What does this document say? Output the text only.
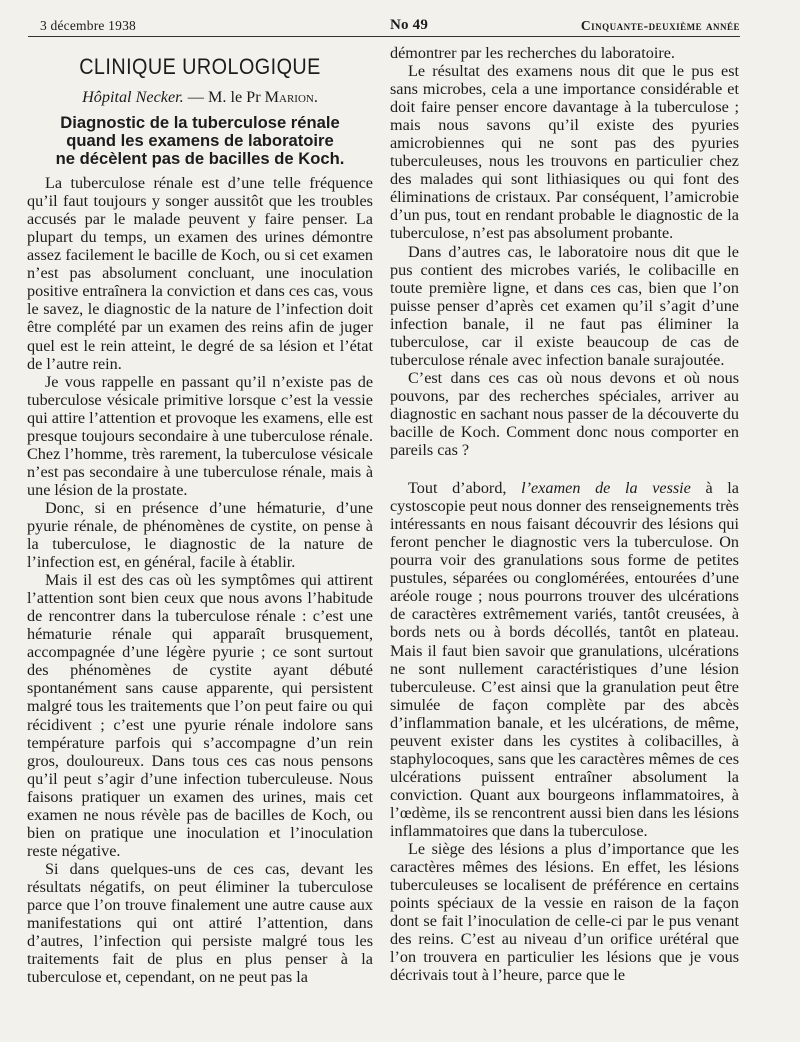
3 décembre 1938	No 49	Cinquante-deuxième année
CLINIQUE UROLOGIQUE
Hôpital Necker. — M. le Pr Marion.
Diagnostic de la tuberculose rénale
quand les examens de laboratoire
ne décèlent pas de bacilles de Koch.

La tuberculose rénale est d’une telle fréquence qu’il faut toujours y songer aussitôt que les troubles accusés par le malade peuvent y faire penser. La plupart du temps, un examen des urines démontre assez facilement le bacille de Koch, ou si cet examen n’est pas absolument concluant, une inoculation positive entraînera la conviction et dans ces cas, vous le savez, le diagnostic de la nature de l’infection doit être complété par un examen des reins afin de juger quel est le rein atteint, le degré de sa lésion et l’état de l’autre rein.

Je vous rappelle en passant qu’il n’existe pas de tuberculose vésicale primitive lorsque c’est la vessie qui attire l’attention et provoque les examens, elle est presque toujours secondaire à une tuberculose rénale. Chez l’homme, très rarement, la tuberculose vésicale n’est pas secondaire à une tuberculose rénale, mais à une lésion de la prostate.

Donc, si en présence d’une hématurie, d’une pyurie rénale, de phénomènes de cystite, on pense à la tuberculose, le diagnostic de la nature de l’infection est, en général, facile à établir.

Mais il est des cas où les symptômes qui attirent l’attention sont bien ceux que nous avons l’habitude de rencontrer dans la tuberculose rénale : c’est une hématurie rénale qui apparaît brusquement, accompagnée d’une légère pyurie ; ce sont surtout des phénomènes de cystite ayant débuté spontanément sans cause apparente, qui persistent malgré tous les traitements que l’on peut faire ou qui récidivent ; c’est une pyurie rénale indolore sans température parfois qui s’accompagne d’un rein gros, douloureux. Dans tous ces cas nous pensons qu’il peut s’agir d’une infection tuberculeuse. Nous faisons pratiquer un examen des urines, mais cet examen ne nous révèle pas de bacilles de Koch, ou bien on pratique une inoculation et l’inoculation reste négative.

Si dans quelques-uns de ces cas, devant les résultats négatifs, on peut éliminer la tuberculose parce que l’on trouve finalement une autre cause aux manifestations qui ont attiré l’attention, dans d’autres, l’infection qui persiste malgré tous les traitements fait de plus en plus penser à la tuberculose et, cependant, on ne peut pas la

démontrer par les recherches du laboratoire.

Le résultat des examens nous dit que le pus est sans microbes, cela a une importance considérable et doit faire penser encore davantage à la tuberculose ; mais nous savons qu’il existe des pyuries amicrobiennes qui ne sont pas des pyuries tuberculeuses, nous les trouvons en particulier chez des malades qui sont lithiasiques ou qui font des éliminations de cristaux. Par conséquent, l’amicrobie d’un pus, tout en rendant probable le diagnostic de la tuberculose, n’est pas absolument probante.

Dans d’autres cas, le laboratoire nous dit que le pus contient des microbes variés, le colibacille en toute première ligne, et dans ces cas, bien que l’on puisse penser d’après cet examen qu’il s’agit d’une infection banale, il ne faut pas éliminer la tuberculose, car il existe beaucoup de cas de tuberculose rénale avec infection banale surajoutée.

C’est dans ces cas où nous devons et où nous pouvons, par des recherches spéciales, arriver au diagnostic en sachant nous passer de la découverte du bacille de Koch. Comment donc nous comporter en pareils cas ?

Tout d’abord, l’examen de la vessie à la cystoscopie peut nous donner des renseignements très intéressants en nous faisant découvrir des lésions qui feront pencher le diagnostic vers la tuberculose. On pourra voir des granulations sous forme de petites pustules, séparées ou conglomérées, entourées d’une aréole rouge ; nous pourrons trouver des ulcérations de caractères extrêmement variés, tantôt creusées, à bords nets ou à bords décollés, tantôt en plateau. Mais il faut bien savoir que granulations, ulcérations ne sont nullement caractéristiques d’une lésion tuberculeuse. C’est ainsi que la granulation peut être simulée de façon complète par des abcès d’inflammation banale, et les ulcérations, de même, peuvent exister dans les cystites à colibacilles, à staphylocoques, sans que les caractères mêmes de ces ulcérations puissent entraîner absolument la conviction. Quant aux bourgeons inflammatoires, à l’œdème, ils se rencontrent aussi bien dans les lésions inflammatoires que dans la tuberculose.

Le siège des lésions a plus d’importance que les caractères mêmes des lésions. En effet, les lésions tuberculeuses se localisent de préférence en certains points spéciaux de la vessie en raison de la façon dont se fait l’inoculation de celle-ci par le pus venant des reins. C’est au niveau d’un orifice urétéral que l’on trouvera en particulier les lésions que je vous décrivais tout à l’heure, parce que le
